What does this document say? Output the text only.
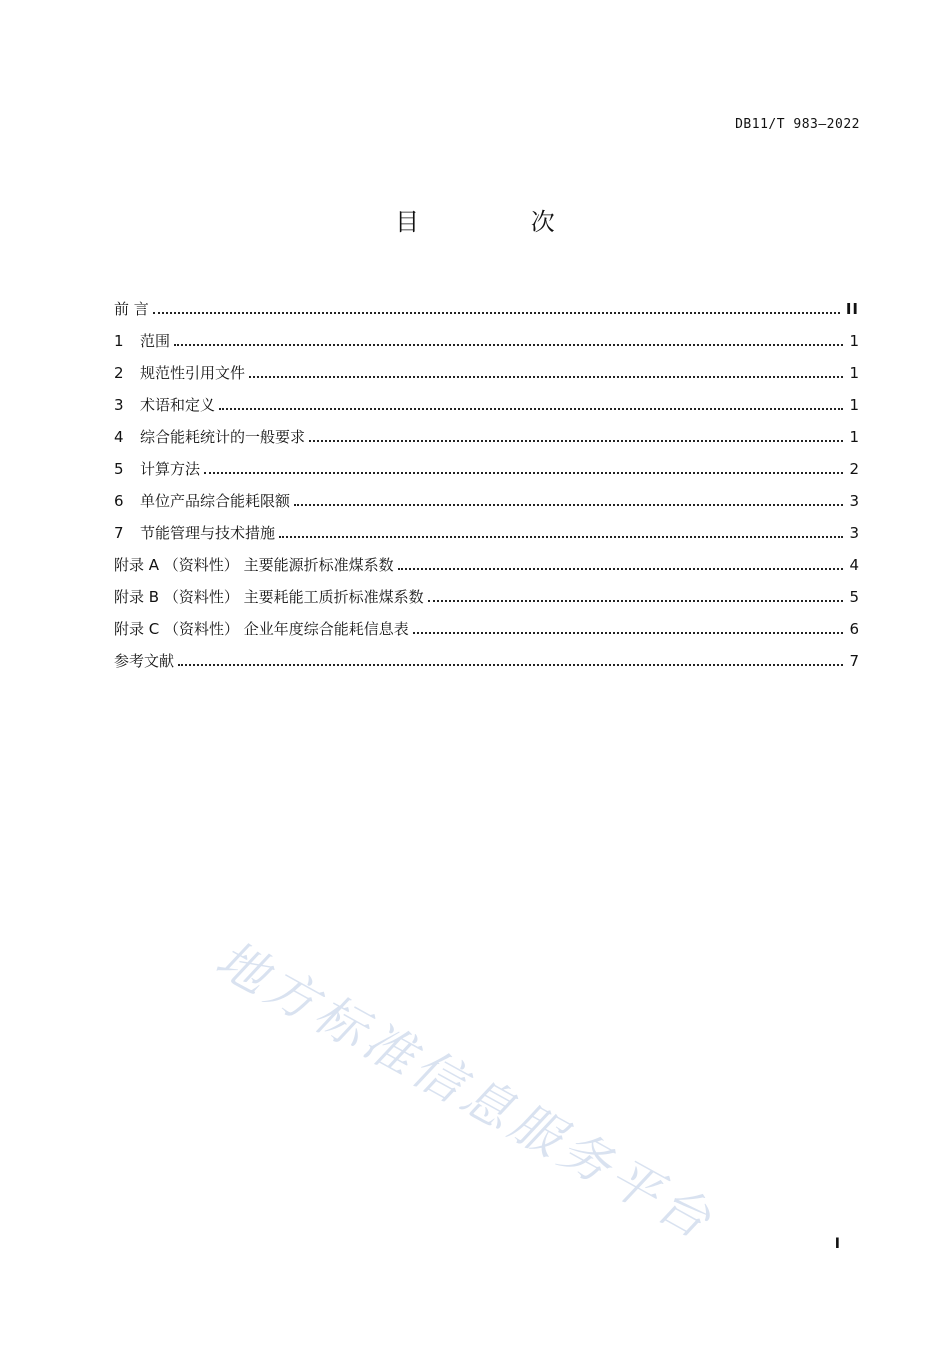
DB11/T 983—2022
目 次
前 言	II
1	范围	1
2	规范性引用文件	1
3	术语和定义	1
4	综合能耗统计的一般要求	1
5	计算方法	2
6	单位产品综合能耗限额	3
7	节能管理与技术措施	3
附录 A （资料性） 主要能源折标准煤系数	4
附录 B （资料性） 主要耗能工质折标准煤系数	5
附录 C （资料性） 企业年度综合能耗信息表	6
参考文献	7
地方标准信息服务平台	I
